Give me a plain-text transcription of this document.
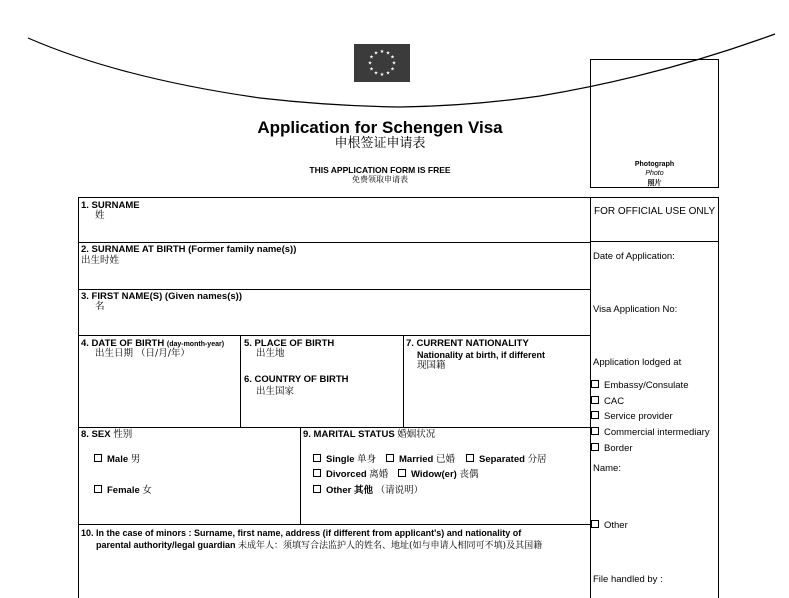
★ ★
★
★
★
★
★
★
★
★
★
★
Application for Schengen Visa
申根签证申请表
THIS APPLICATION FORM IS FREE
免费领取申请表
Photograph
Photo
照片
1. SURNAME
姓
2. SURNAME AT BIRTH (Former family name(s))
出生时姓
3. FIRST NAME(S) (Given names(s))
名
4. DATE OF BIRTH (day-month-year)
出生日期 （日/月/年）
5. PLACE OF BIRTH
出生地
6. COUNTRY OF BIRTH
出生国家
7. CURRENT NATIONALITY
Nationality at birth, if different
现国籍
8. SEX 性别
Male 男
Female 女
9. MARITAL STATUS 婚姻状况
Single 单身	Married 已婚	Separated 分居
Divorced 离婚	Widow(er) 丧偶
Other 其他 （请说明）
10. In the case of minors : Surname, first name, address (if different from applicant's) and nationality of
parental authority/legal guardian 未成年人：须填写合法监护人的姓名、地址(如与申请人相同可不填)及其国籍
FOR OFFICIAL USE ONLY
Date of Application:
Visa Application No:
Application lodged at
Embassy/Consulate
CAC
Service provider
Commercial intermediary
Border
Name:
Other
File handled by :
